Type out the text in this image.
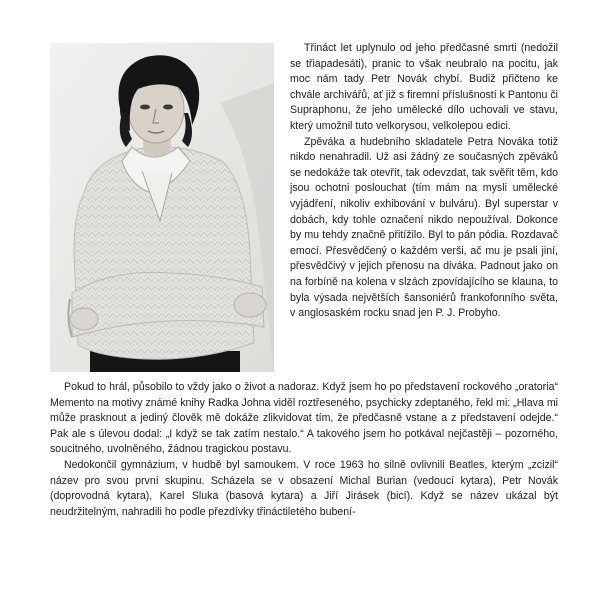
Třináct let uplynulo od jeho předčasné smrti (nedožil se třiapadesáti), pranic to však neubralo na pocitu, jak moc nám tady Petr Novák chybí. Budiž přičteno ke chvále archivářů, ať již s firemní příslušností k Pantonu či Supraphonu, že jeho umělecké dílo uchovali ve stavu, který umožnil tuto velkorysou, velkolepou edici.

Zpěváka a hudebního skladatele Petra Nováka totiž nikdo nenahradil. Už asi žádný ze současných zpěváků se nedokáže tak otevřít, tak odevzdat, tak svěřit těm, kdo jsou ochotni poslouchat (tím mám na mysli umělecké vyjádření, nikoliv exhibování v bulváru). Byl superstar v dobách, kdy tohle označení nikdo nepoužíval. Dokonce by mu tehdy značně přitížilo. Byl to pán pódia. Rozdavač emocí. Přesvědčený o každém verši, ač mu je psali jiní, přesvědčivý v jejich přenosu na diváka. Padnout jako on na forbíně na kolena v slzách zpovídajícího se klauna, to byla výsada největších šansoniérů frankofonního světa, v anglosaském rocku snad jen P. J. Probyho.

Pokud to hrál, působilo to vždy jako o život a nadoraz. Když jsem ho po představení rockového „oratoria“ Memento na motivy známé knihy Radka Johna viděl roztřeseného, psychicky zdeptaného, řekl mi: „Hlava mi může prasknout a jediný člověk mě dokáže zlikvidovat tím, že předčasně vstane a z představení odejde.“ Pak ale s úlevou dodal: „I když se tak zatím nestalo.“ A takového jsem ho potkával nejčastěji – pozorného, soucitného, uvolněného, žádnou tragickou postavu.

Nedokončil gymnázium, v hudbě byl samoukem. V roce 1963 ho silně ovlivnili Beatles, kterým „zcizil“ název pro svou první skupinu. Scházela se v obsazení Michal Burian (vedoucí kytara), Petr Novák (doprovodná kytara), Karel Sluka (basová kytara) a Jiří Jirásek (bicí). Když se název ukázal být neudržitelným, nahradili ho podle přezdívky třináctiletého bubení-
